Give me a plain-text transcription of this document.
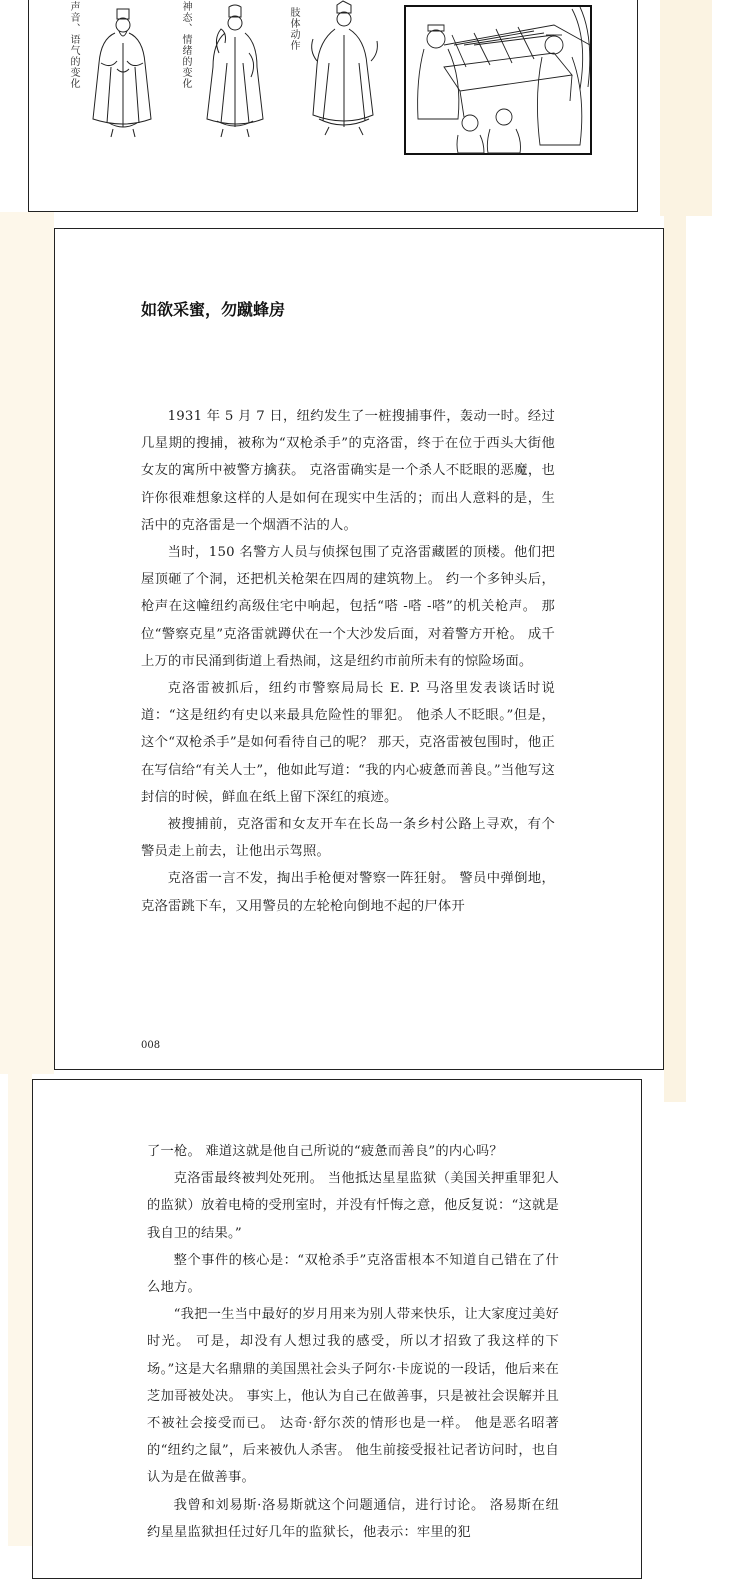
声音、语气的变化	神态、情绪的变化	肢体动作
如欲采蜜，勿蹴蜂房

1931 年 5 月 7 日，纽约发生了一桩搜捕事件，轰动一时。经过几星期的搜捕，被称为“双枪杀手”的克洛雷，终于在位于西头大街他女友的寓所中被警方擒获。 克洛雷确实是一个杀人不眨眼的恶魔，也许你很难想象这样的人是如何在现实中生活的；而出人意料的是，生活中的克洛雷是一个烟酒不沾的人。

当时，150 名警方人员与侦探包围了克洛雷藏匿的顶楼。他们把屋顶砸了个洞，还把机关枪架在四周的建筑物上。 约一个多钟头后，枪声在这幢纽约高级住宅中响起，包括“嗒 -嗒 -嗒”的机关枪声。 那位“警察克星”克洛雷就蹲伏在一个大沙发后面，对着警方开枪。 成千上万的市民涌到街道上看热闹，这是纽约市前所未有的惊险场面。

克洛雷被抓后，纽约市警察局局长 E. P. 马洛里发表谈话时说道：“这是纽约有史以来最具危险性的罪犯。 他杀人不眨眼。”但是，这个“双枪杀手”是如何看待自己的呢？ 那天，克洛雷被包围时，他正在写信给“有关人士”，他如此写道：“我的内心疲惫而善良。”当他写这封信的时候，鲜血在纸上留下深红的痕迹。

被搜捕前，克洛雷和女友开车在长岛一条乡村公路上寻欢，有个警员走上前去，让他出示驾照。

克洛雷一言不发，掏出手枪便对警察一阵狂射。 警员中弹倒地，克洛雷跳下车，又用警员的左轮枪向倒地不起的尸体开

008

了一枪。 难道这就是他自己所说的“疲惫而善良”的内心吗？

克洛雷最终被判处死刑。 当他抵达星星监狱（美国关押重罪犯人的监狱）放着电椅的受刑室时，并没有忏悔之意，他反复说：“这就是我自卫的结果。”

整个事件的核心是：“双枪杀手”克洛雷根本不知道自己错在了什么地方。

“我把一生当中最好的岁月用来为别人带来快乐，让大家度过美好时光。 可是，却没有人想过我的感受，所以才招致了我这样的下场。”这是大名鼎鼎的美国黑社会头子阿尔·卡庞说的一段话，他后来在芝加哥被处决。 事实上，他认为自己在做善事，只是被社会误解并且不被社会接受而已。 达奇·舒尔茨的情形也是一样。 他是恶名昭著的“纽约之鼠”，后来被仇人杀害。 他生前接受报社记者访问时，也自认为是在做善事。

我曾和刘易斯·洛易斯就这个问题通信，进行讨论。 洛易斯在纽约星星监狱担任过好几年的监狱长，他表示：牢里的犯
